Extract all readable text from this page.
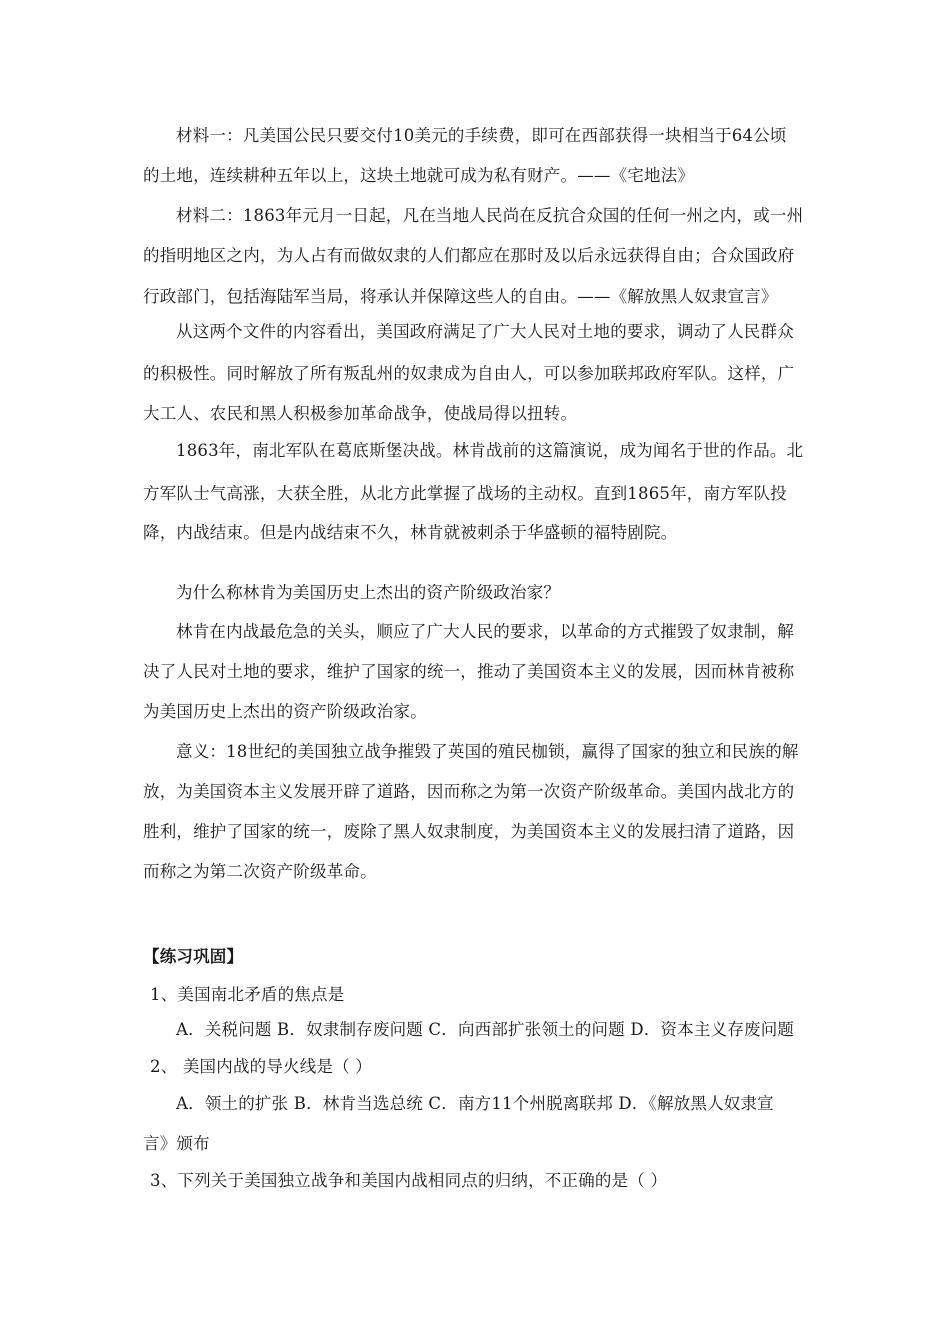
材料一：凡美国公民只要交付10美元的手续费，即可在西部获得一块相当于64公顷
的土地，连续耕种五年以上，这块土地就可成为私有财产。——《宅地法》
材料二：1863年元月一日起，凡在当地人民尚在反抗合众国的任何一州之内，或一州
的指明地区之内，为人占有而做奴隶的人们都应在那时及以后永远获得自由；合众国政府
行政部门，包括海陆军当局，将承认并保障这些人的自由。——《解放黑人奴隶宣言》
从这两个文件的内容看出，美国政府满足了广大人民对土地的要求，调动了人民群众
的积极性。同时解放了所有叛乱州的奴隶成为自由人，可以参加联邦政府军队。这样，广
大工人、农民和黑人积极参加革命战争，使战局得以扭转。
1863年，南北军队在葛底斯堡决战。林肯战前的这篇演说，成为闻名于世的作品。北
方军队士气高涨，大获全胜，从北方此掌握了战场的主动权。直到1865年，南方军队投
降，内战结束。但是内战结束不久，林肯就被刺杀于华盛顿的福特剧院。
为什么称林肯为美国历史上杰出的资产阶级政治家？
林肯在内战最危急的关头，顺应了广大人民的要求，以革命的方式摧毁了奴隶制，解
决了人民对土地的要求，维护了国家的统一，推动了美国资本主义的发展，因而林肯被称
为美国历史上杰出的资产阶级政治家。
意义：18世纪的美国独立战争摧毁了英国的殖民枷锁，赢得了国家的独立和民族的解
放，为美国资本主义发展开辟了道路，因而称之为第一次资产阶级革命。美国内战北方的
胜利，维护了国家的统一，废除了黑人奴隶制度，为美国资本主义的发展扫清了道路，因
而称之为第二次资产阶级革命。
【练习巩固】
1、美国南北矛盾的焦点是
A．关税问题 B．奴隶制存废问题 C．向西部扩张领土的问题 D．资本主义存废问题
2、 美国内战的导火线是（ ）
A．领土的扩张 B．林肯当选总统 C．南方11个州脱离联邦 D．《解放黑人奴隶宣
言》颁布
3、下列关于美国独立战争和美国内战相同点的归纳，不正确的是（ ）
